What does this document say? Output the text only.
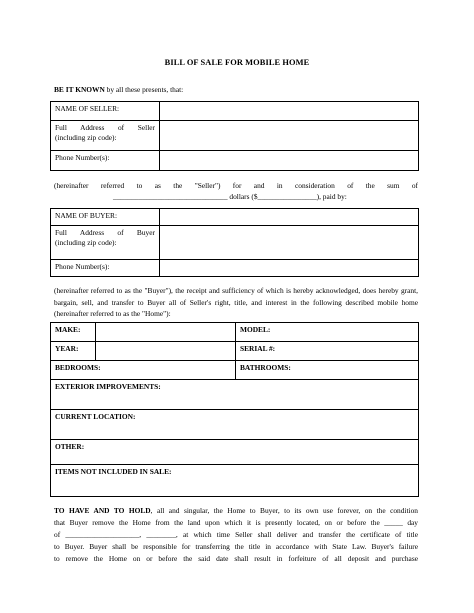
BILL OF SALE FOR MOBILE HOME
BE IT KNOWN by all these presents, that:
NAME OF SELLER:	

Full Address of Seller
(including zip code):	
Phone Number(s):	
(hereinafter referred to as the "Seller") for and in consideration of the sum of
_______________________________ dollars ($________________), paid by:
NAME OF BUYER:	

Full Address of Buyer
(including zip code):	
Phone Number(s):	
(hereinafter referred to as the "Buyer"), the receipt and sufficiency of which is hereby acknowledged, does hereby grant, bargain, sell, and transfer to Buyer all of Seller's right, title, and interest in the following described mobile home (hereinafter referred to as the "Home"):
MAKE:		MODEL:
YEAR:		SERIAL #:
BEDROOMS:		BATHROOMS:
EXTERIOR IMPROVEMENTS:		
CURRENT LOCATION:		
OTHER:		
ITEMS NOT INCLUDED IN SALE:		
TO HAVE AND TO HOLD, all and singular, the Home to Buyer, to its own use forever, on the condition
that Buyer remove the Home from the land upon which it is presently located, on or before the _____ day
of ____________________, ________, at which time Seller shall deliver and transfer the certificate of title
to Buyer. Buyer shall be responsible for transferring the title in accordance with State Law. Buyer's failure
to remove the Home on or before the said date shall result in forfeiture of all deposit and purchase
